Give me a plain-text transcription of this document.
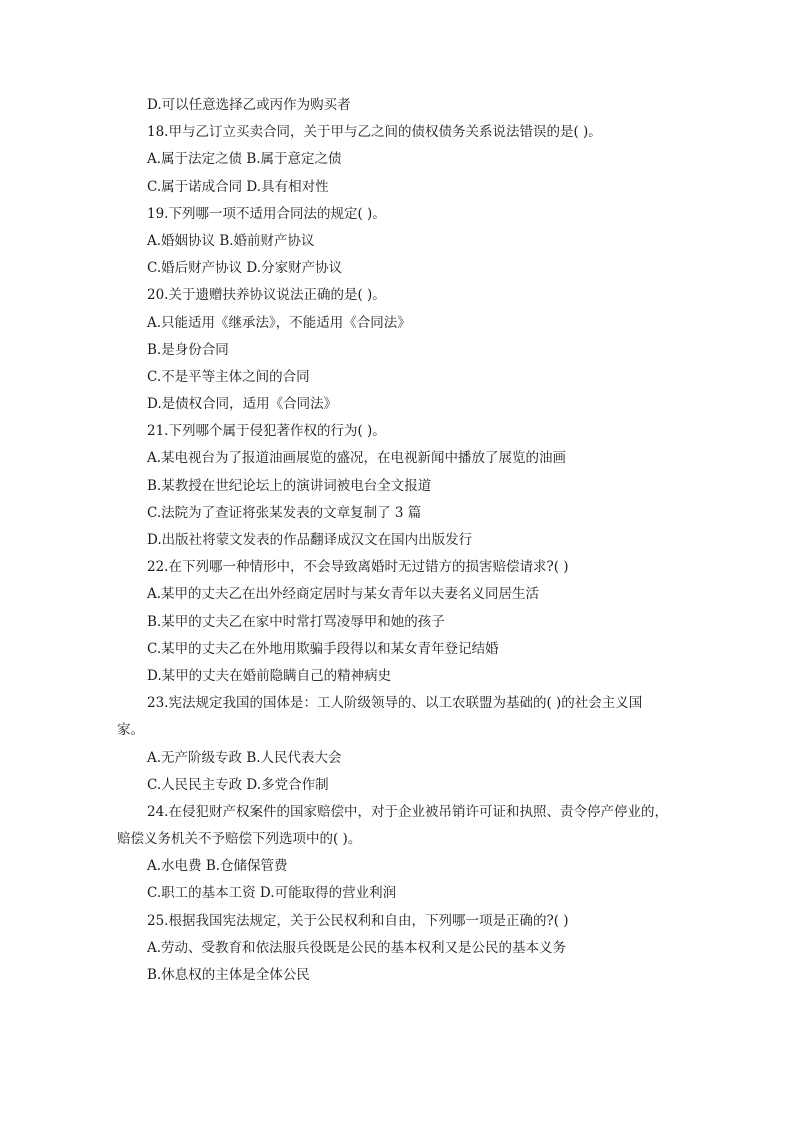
D.可以任意选择乙或丙作为购买者
18.甲与乙订立买卖合同，关于甲与乙之间的债权债务关系说法错误的是( )。
A.属于法定之债 B.属于意定之债
C.属于诺成合同 D.具有相对性
19.下列哪一项不适用合同法的规定( )。
A.婚姻协议 B.婚前财产协议
C.婚后财产协议 D.分家财产协议
20.关于遗赠扶养协议说法正确的是( )。
A.只能适用《继承法》，不能适用《合同法》
B.是身份合同
C.不是平等主体之间的合同
D.是债权合同，适用《合同法》
21.下列哪个属于侵犯著作权的行为( )。
A.某电视台为了报道油画展览的盛况，在电视新闻中播放了展览的油画
B.某教授在世纪论坛上的演讲词被电台全文报道
C.法院为了查证将张某发表的文章复制了 3 篇
D.出版社将蒙文发表的作品翻译成汉文在国内出版发行
22.在下列哪一种情形中，不会导致离婚时无过错方的损害赔偿请求?( )
A.某甲的丈夫乙在出外经商定居时与某女青年以夫妻名义同居生活
B.某甲的丈夫乙在家中时常打骂凌辱甲和她的孩子
C.某甲的丈夫乙在外地用欺骗手段得以和某女青年登记结婚
D.某甲的丈夫在婚前隐瞒自己的精神病史
23.宪法规定我国的国体是：工人阶级领导的、以工农联盟为基础的( )的社会主义国
家。
A.无产阶级专政 B.人民代表大会
C.人民民主专政 D.多党合作制
24.在侵犯财产权案件的国家赔偿中，对于企业被吊销许可证和执照、责令停产停业的，
赔偿义务机关不予赔偿下列选项中的( )。
A.水电费 B.仓储保管费
C.职工的基本工资 D.可能取得的营业利润
25.根据我国宪法规定，关于公民权利和自由，下列哪一项是正确的?( )
A.劳动、受教育和依法服兵役既是公民的基本权利又是公民的基本义务
B.休息权的主体是全体公民
